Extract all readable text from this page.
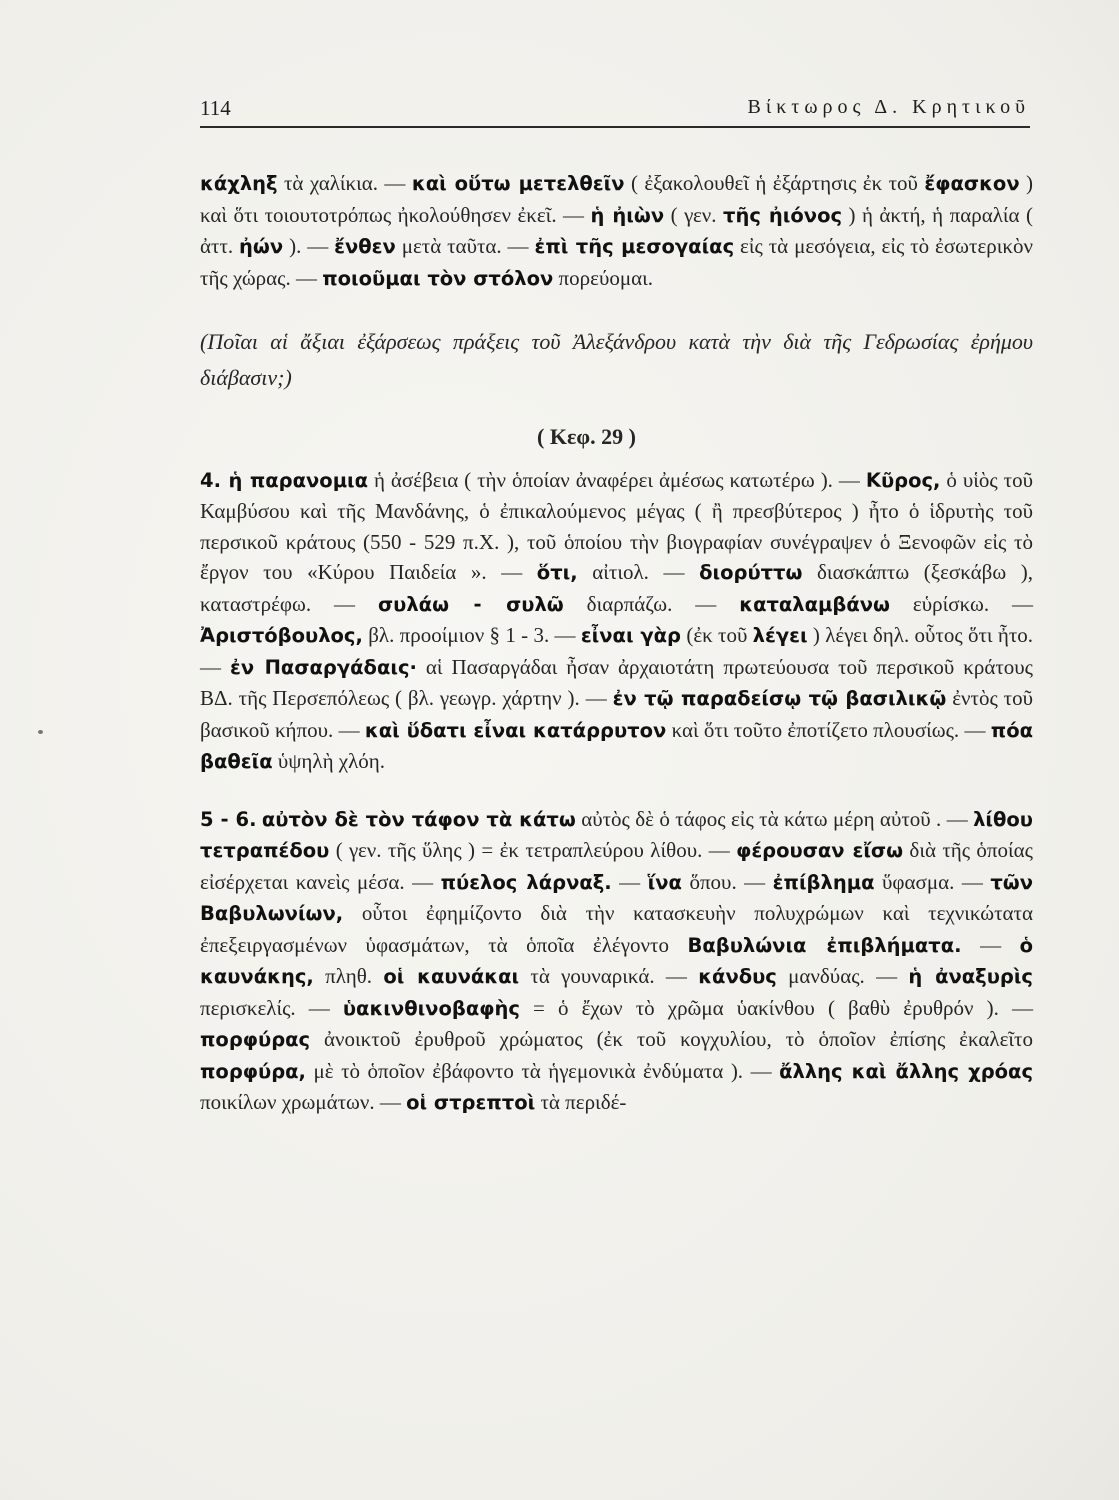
114	Βίκτωρος Δ. Κρητικοῦ

κάχληξ τὰ χαλίκια. — καὶ οὕτω μετελθεῖν ( ἐξακολουθεῖ ἡ ἐξάρτησις ἐκ τοῦ ἔφασκον ) καὶ ὅτι τοιουτοτρόπως ἠκολούθησεν ἐκεῖ. — ἡ ἠιὼν ( γεν. τῆς ἠιόνος ) ἡ ἀκτή, ἡ παραλία ( ἀττ. ἠών ). — ἔνθεν μετὰ ταῦτα. — ἐπὶ τῆς μεσογαίας εἰς τὰ μεσόγεια, εἰς τὸ ἐσωτερικὸν τῆς χώρας. — ποιοῦμαι τὸν στόλον πορεύομαι.

(Ποῖαι αἱ ἄξιαι ἐξάρσεως πράξεις τοῦ Ἀλεξάνδρου κατὰ τὴν διὰ τῆς Γεδρωσίας ἐρήμου διάβασιν;)

( Κεφ. 29 )

4. ἡ παρανομια ἡ ἀσέβεια ( τὴν ὁποίαν ἀναφέρει ἀμέσως κατωτέρω ). — Κῦρος, ὁ υἱὸς τοῦ Καμβύσου καὶ τῆς Μανδάνης, ὁ ἐπικαλούμενος μέγας ( ἢ πρεσβύτερος ) ἦτο ὁ ἱδρυτὴς τοῦ περσικοῦ κράτους (550 - 529 π.Χ. ), τοῦ ὁποίου τὴν βιογραφίαν συνέγραψεν ὁ Ξενοφῶν εἰς τὸ ἔργον του «Κύρου Παιδεία ». — ὅτι, αἰτιολ. — διορύττω διασκάπτω (ξεσκάβω ), καταστρέφω. — συλάω - συλῶ διαρπάζω. — καταλαμβάνω εὑρίσκω. — Ἀριστόβουλος, βλ. προοίμιον § 1 - 3. — εἶναι γὰρ (ἐκ τοῦ λέγει ) λέγει δηλ. οὗτος ὅτι ἦτο. — ἐν Πασαργάδαις· αἱ Πασαργάδαι ἦσαν ἀρχαιοτάτη πρωτεύουσα τοῦ περσικοῦ κράτους ΒΔ. τῆς Περσεπόλεως ( βλ. γεωγρ. χάρτην ). — ἐν τῷ παραδείσῳ τῷ βασιλικῷ ἐντὸς τοῦ βασικοῦ κήπου. — καὶ ὕδατι εἶναι κατάρρυτον καὶ ὅτι τοῦτο ἐποτίζετο πλουσίως. — πόα βαθεῖα ὑψηλὴ χλόη.

5 - 6. αὐτὸν δὲ τὸν τάφον τὰ κάτω αὐτὸς δὲ ὁ τάφος εἰς τὰ κάτω μέρη αὐτοῦ . — λίθου τετραπέδου ( γεν. τῆς ὕλης ) = ἐκ τετραπλεύρου λίθου. — φέρουσαν εἴσω διὰ τῆς ὁποίας εἰσέρχεται κανεὶς μέσα. — πύελος λάρναξ. — ἵνα ὅπου. — ἐπίβλημα ὕφασμα. — τῶν Βαβυλωνίων, οὗτοι ἐφημίζοντο διὰ τὴν κατασκευὴν πολυχρώμων καὶ τεχνικώτατα ἐπεξειργασμένων ὑφασμάτων, τὰ ὁποῖα ἐλέγοντο Βαβυλώνια ἐπιβλήματα. — ὁ καυνάκης, πληθ. οἱ καυνάκαι τὰ γουναρικά. — κάνδυς μανδύας. — ἡ ἀναξυρὶς περισκελίς. — ὑακινθινοβαφὴς = ὁ ἔχων τὸ χρῶμα ὑακίνθου ( βαθὺ ἐρυθρόν ). — πορφύρας ἀνοικτοῦ ἐρυθροῦ χρώματος (ἐκ τοῦ κογχυλίου, τὸ ὁποῖον ἐπίσης ἐκαλεῖτο πορφύρα, μὲ τὸ ὁποῖον ἐβάφοντο τὰ ἡγεμονικὰ ἐνδύματα ). — ἄλλης καὶ ἄλλης χρόας ποικίλων χρωμάτων. — οἱ στρεπτοὶ τὰ περιδέ-
